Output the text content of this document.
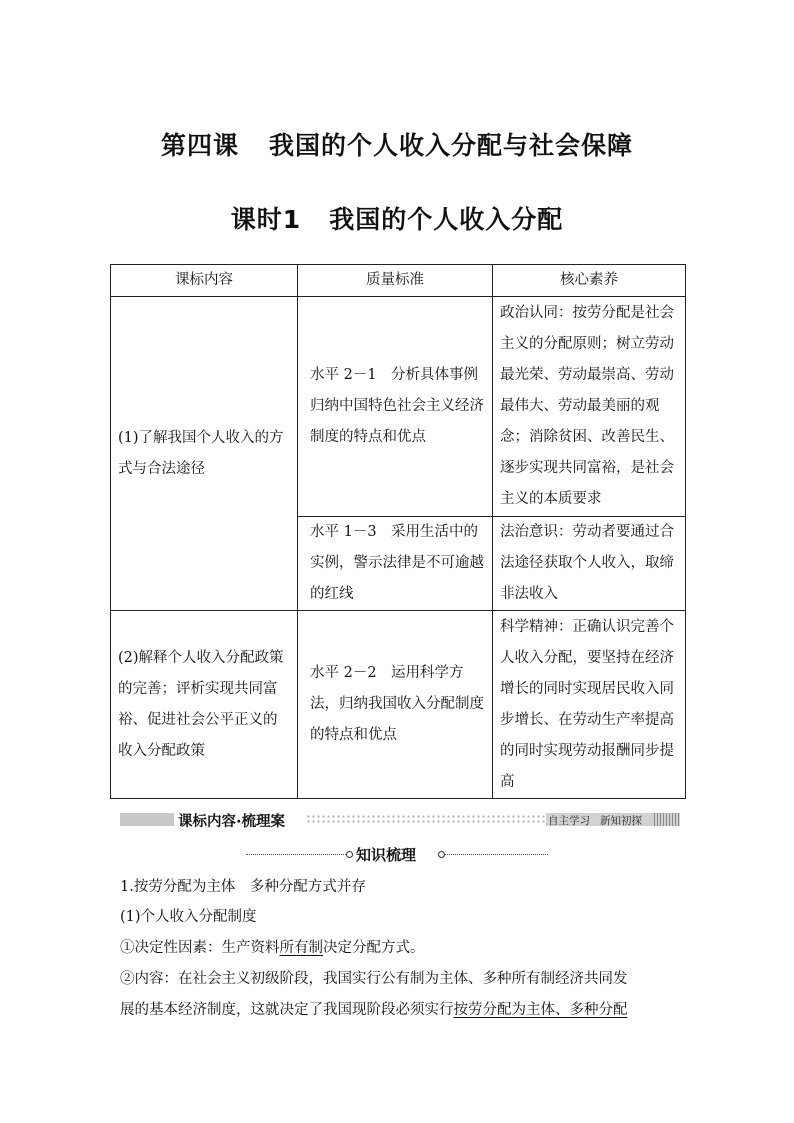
第四课 我国的个人收入分配与社会保障
课时1 我国的个人收入分配
课标内容	质量标准	核心素养
(1)了解我国个人收入的方式与合法途径	水平 2－1　分析具体事例归纳中国特色社会主义经济制度的特点和优点	政治认同：按劳分配是社会主义的分配原则；树立劳动最光荣、劳动最崇高、劳动最伟大、劳动最美丽的观念；消除贫困、改善民生、逐步实现共同富裕，是社会主义的本质要求
	水平 1－3　采用生活中的实例，警示法律是不可逾越的红线	法治意识：劳动者要通过合法途径获取个人收入，取缔非法收入
(2)解释个人收入分配政策的完善；评析实现共同富裕、促进社会公平正义的收入分配政策	水平 2－2　运用科学方法，归纳我国收入分配制度的特点和优点	科学精神：正确认识完善个人收入分配，要坚持在经济增长的同时实现居民收入同步增长、在劳动生产率提高的同时实现劳动报酬同步提高
课标内容·梳理案	自主学习 新知初探
知识梳理
1.按劳分配为主体　多种分配方式并存
(1)个人收入分配制度
①决定性因素：生产资料所有制决定分配方式。
②内容：在社会主义初级阶段，我国实行公有制为主体、多种所有制经济共同发
展的基本经济制度，这就决定了我国现阶段必须实行按劳分配为主体、多种分配
